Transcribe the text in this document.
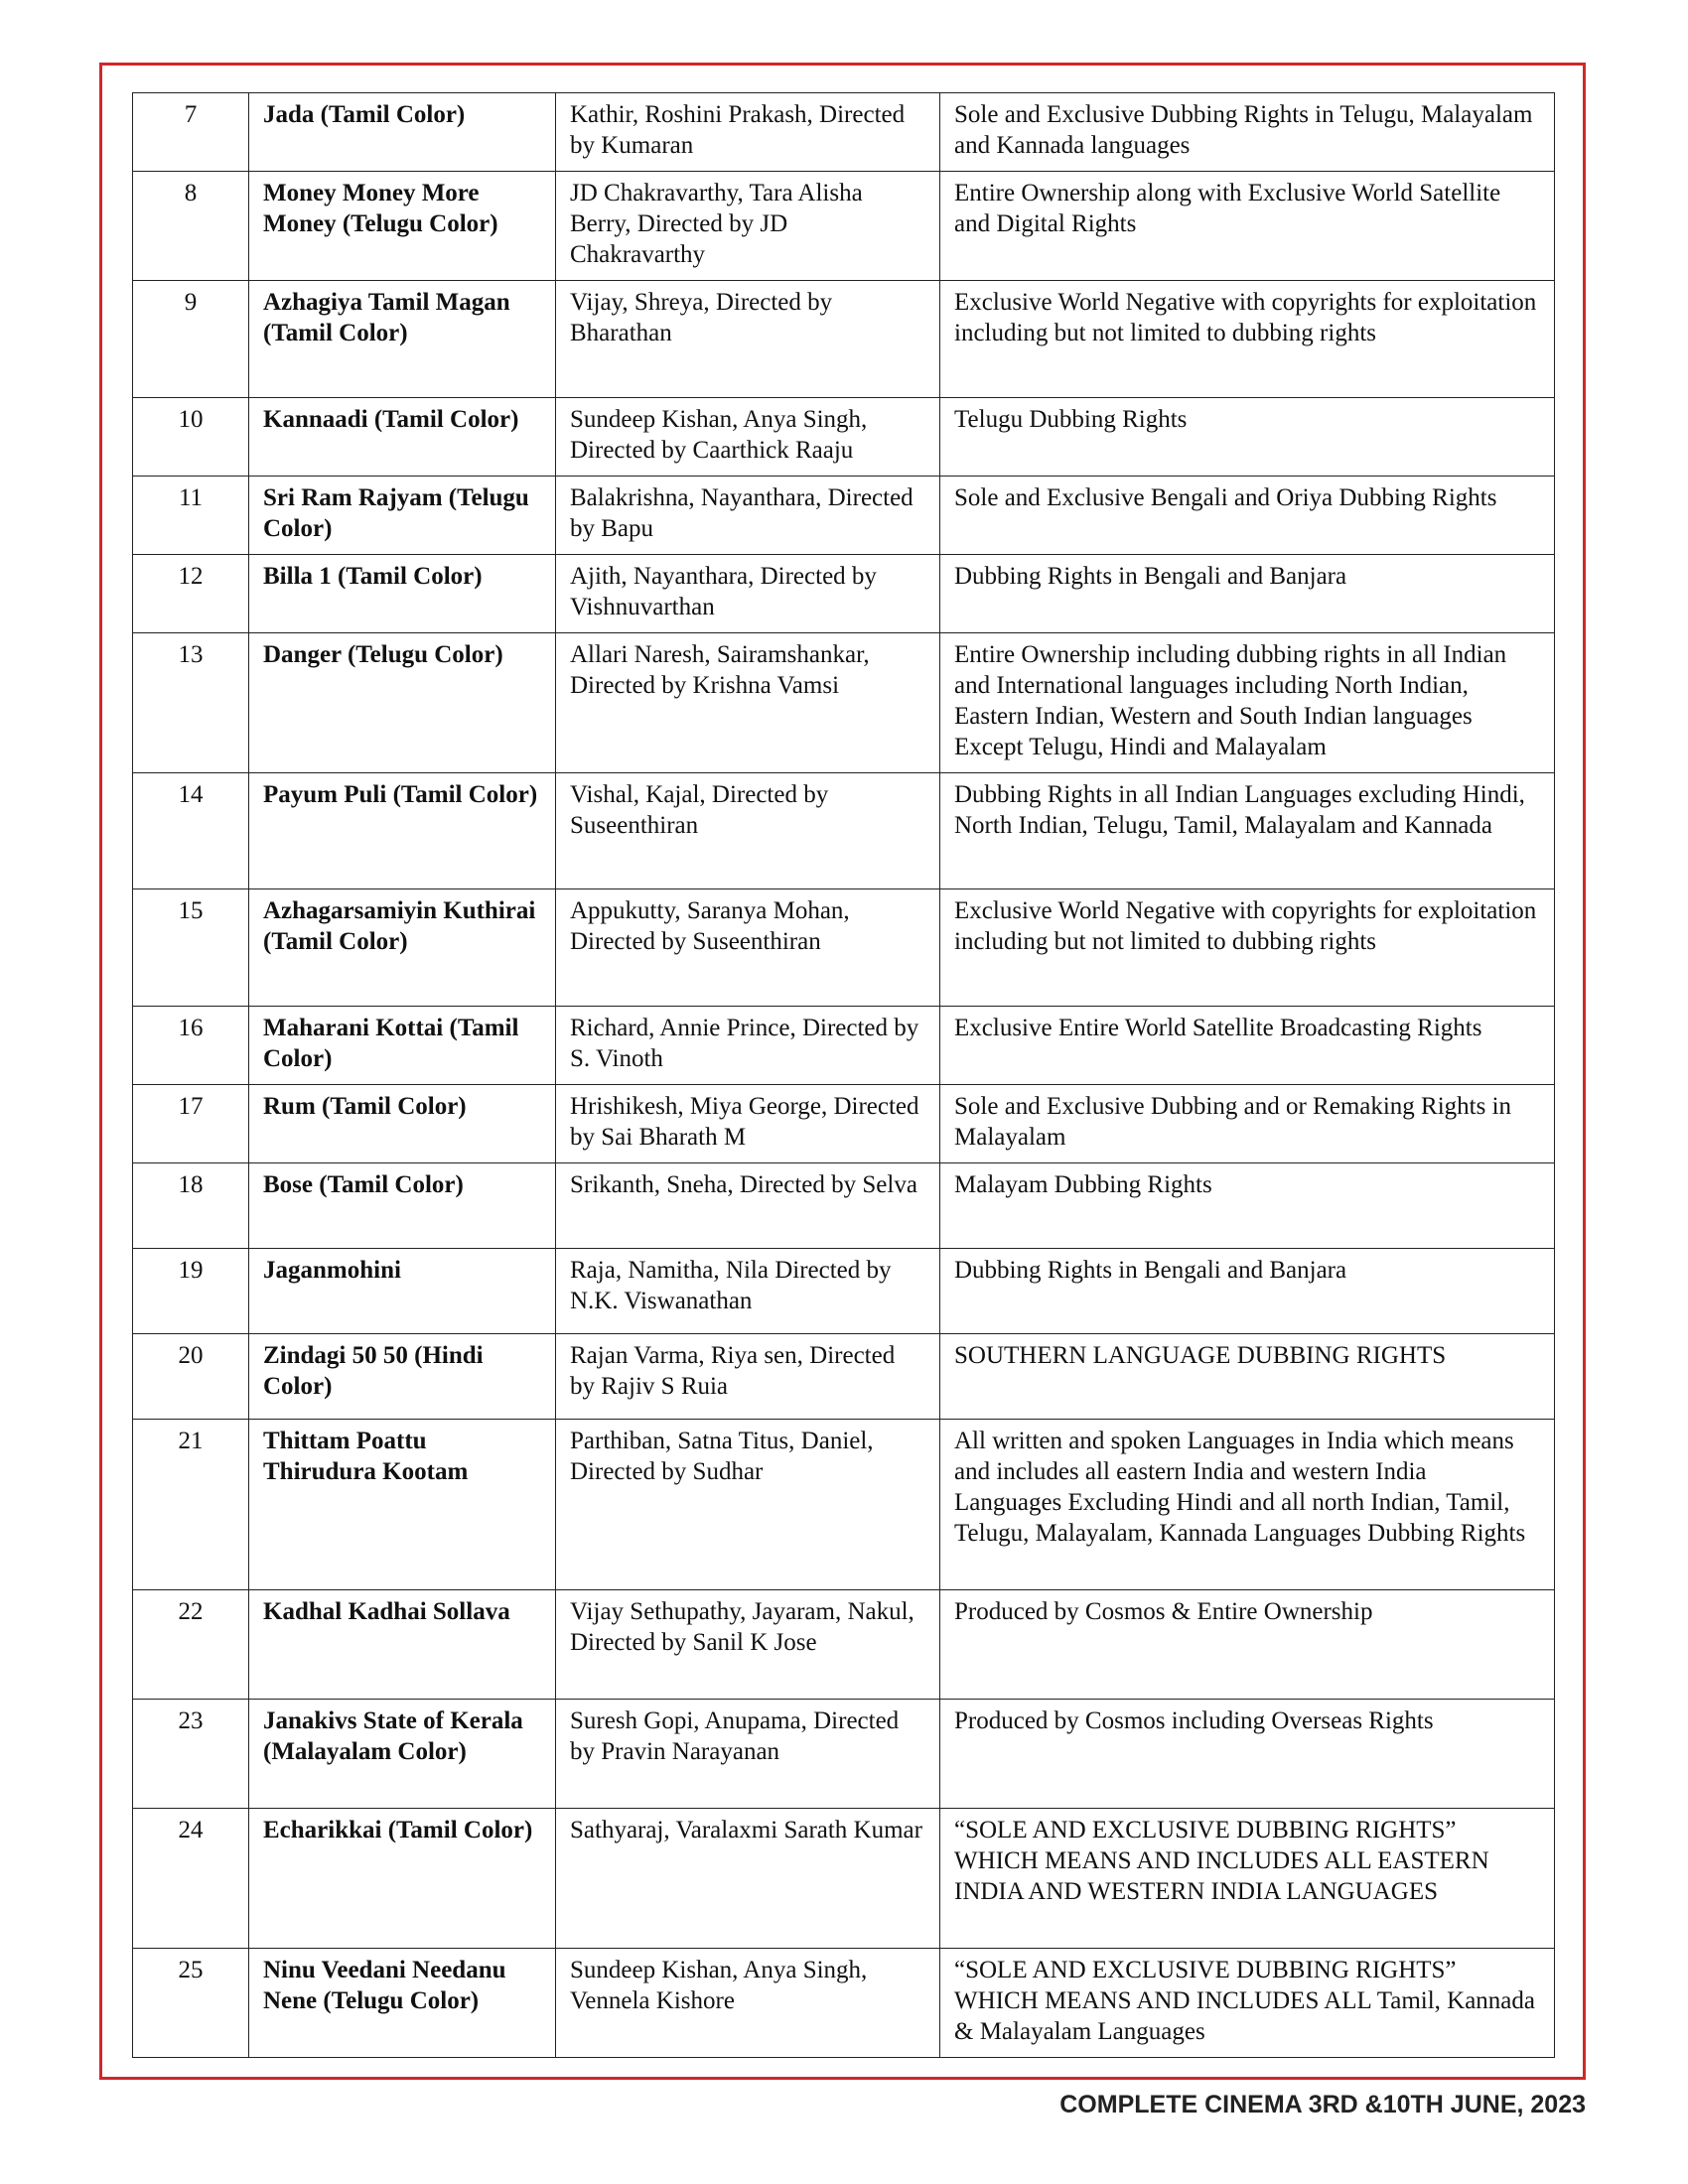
7	Jada (Tamil Color)	Kathir, Roshini Prakash, Directed by Kumaran	Sole and Exclusive Dubbing Rights in Telugu, Malayalam and Kannada languages
8	Money Money More Money (Telugu Color)	JD Chakravarthy, Tara Alisha Berry, Directed by JD Chakravarthy	Entire Ownership along with Exclusive World Satellite and Digital Rights
9	Azhagiya Tamil Magan (Tamil Color)	Vijay, Shreya, Directed by Bharathan	Exclusive World Negative with copyrights for exploitation including but not limited to dubbing rights
10	Kannaadi (Tamil Color)	Sundeep Kishan, Anya Singh, Directed by Caarthick Raaju	Telugu Dubbing Rights
11	Sri Ram Rajyam (Telugu Color)	Balakrishna, Nayanthara, Directed by Bapu	Sole and Exclusive Bengali and Oriya Dubbing Rights
12	Billa 1 (Tamil Color)	Ajith, Nayanthara, Directed by Vishnuvarthan	Dubbing Rights in Bengali and Banjara
13	Danger (Telugu Color)	Allari Naresh, Sairamshankar, Directed by Krishna Vamsi	Entire Ownership including dubbing rights in all Indian and International languages including North Indian, Eastern Indian, Western and South Indian languages Except Telugu, Hindi and Malayalam
14	Payum Puli (Tamil Color)	Vishal, Kajal, Directed by Suseenthiran	Dubbing Rights in all Indian Languages excluding Hindi, North Indian, Telugu, Tamil, Malayalam and Kannada
15	Azhagarsamiyin Kuthirai (Tamil Color)	Appukutty, Saranya Mohan, Directed by Suseenthiran	Exclusive World Negative with copyrights for exploitation including but not limited to dubbing rights
16	Maharani Kottai (Tamil Color)	Richard, Annie Prince, Directed by S. Vinoth	Exclusive Entire World Satellite Broadcasting Rights
17	Rum (Tamil Color)	Hrishikesh, Miya George, Directed by Sai Bharath M	Sole and Exclusive Dubbing and or Remaking Rights in Malayalam
18	Bose (Tamil Color)	Srikanth, Sneha, Directed by Selva	Malayam Dubbing Rights
19	Jaganmohini	Raja, Namitha, Nila Directed by N.K. Viswanathan	Dubbing Rights in Bengali and Banjara
20	Zindagi 50 50 (Hindi Color)	Rajan Varma, Riya sen, Directed by Rajiv S Ruia	SOUTHERN LANGUAGE DUBBING RIGHTS
21	Thittam Poattu Thirudura Kootam	Parthiban, Satna Titus, Daniel, Directed by Sudhar	All written and spoken Languages in India which means and includes all eastern India and western India Languages Excluding Hindi and all north Indian, Tamil, Telugu, Malayalam, Kannada Languages Dubbing Rights
22	Kadhal Kadhai Sollava	Vijay Sethupathy, Jayaram, Nakul, Directed by Sanil K Jose	Produced by Cosmos & Entire Ownership
23	Janakivs State of Kerala (Malayalam Color)	Suresh Gopi, Anupama, Directed by Pravin Narayanan	Produced by Cosmos including Overseas Rights
24	Echarikkai (Tamil Color)	Sathyaraj, Varalaxmi Sarath Kumar	“SOLE AND EXCLUSIVE DUBBING RIGHTS” WHICH MEANS AND INCLUDES ALL EASTERN INDIA AND WESTERN INDIA LANGUAGES
25	Ninu Veedani Needanu Nene (Telugu Color)	Sundeep Kishan, Anya Singh, Vennela Kishore	“SOLE AND EXCLUSIVE DUBBING RIGHTS” WHICH MEANS AND INCLUDES ALL Tamil, Kannada & Malayalam Languages
COMPLETE CINEMA 3RD &10TH JUNE, 2023
